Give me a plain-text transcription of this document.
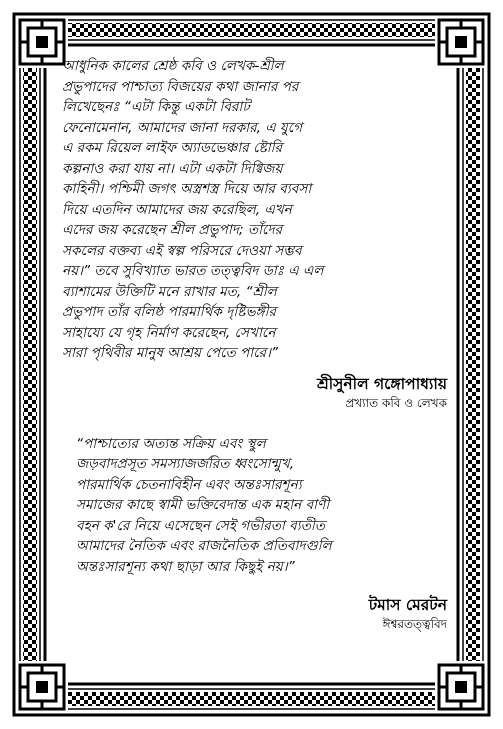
আধুনিক কালের শ্রেষ্ঠ কবি ও লেখক-শ্রীল
প্রভুপাদের পাশ্চাত্য বিজয়ের কথা জানার পর
লিখেছেনঃ “এটা কিন্তু একটা বিরাট
ফেনোমেনান, আমাদের জানা দরকার, এ যুগে
এ রকম রিয়েল লাইফ অ্যাডভেঞ্চার ষ্টোরি
কল্পনাও করা যায় না। এটা একটা দিগ্বিজয়
কাহিনী। পশ্চিমী জগৎ অস্ত্রশস্ত্র দিয়ে আর ব্যবসা
দিয়ে এতদিন আমাদের জয় করেছিল, এখন
এদের জয় করেছেন শ্রীল প্রভুপাদ; তাঁদের
সকলের বক্তব্য এই স্বল্প পরিসরে দেওয়া সম্ভব
নয়।” তবে সুবিখ্যাত ভারত তত্ত্ববিদ ডাঃ এ এল
ব্যাশামের উক্তিটি মনে রাখার মত, “শ্রীল
প্রভুপাদ তাঁর বলিষ্ঠ পারমার্থিক দৃষ্টিভঙ্গীর
সাহায্যে যে গৃহ নির্মাণ করেছেন, সেখানে
সারা পৃথিবীর মানুষ আশ্রয় পেতে পারে।”

শ্রীসুনীল গঙ্গোপাধ্যায়

প্রখ্যাত কবি ও লেখক

“পাশ্চাত্যের অত্যন্ত সক্রিয় এবং স্থুল
জড়বাদপ্রসূত সমস্যাজর্জরিত ধ্বংসোন্মুখ,
পারমার্থিক চেতনাবিহীন এবং অন্তঃসারশূন্য
সমাজের কাছে স্বামী ভক্তিবেদান্ত এক মহান বাণী
বহন ক'রে নিয়ে এসেছেন সেই গভীরতা ব্যতীত
আমাদের নৈতিক এবং রাজনৈতিক প্রতিবাদগুলি
অন্তঃসারশূন্য কথা ছাড়া আর কিছুই নয়।”

টমাস মেরটন

ঈশ্বরতত্ত্ববিদ
